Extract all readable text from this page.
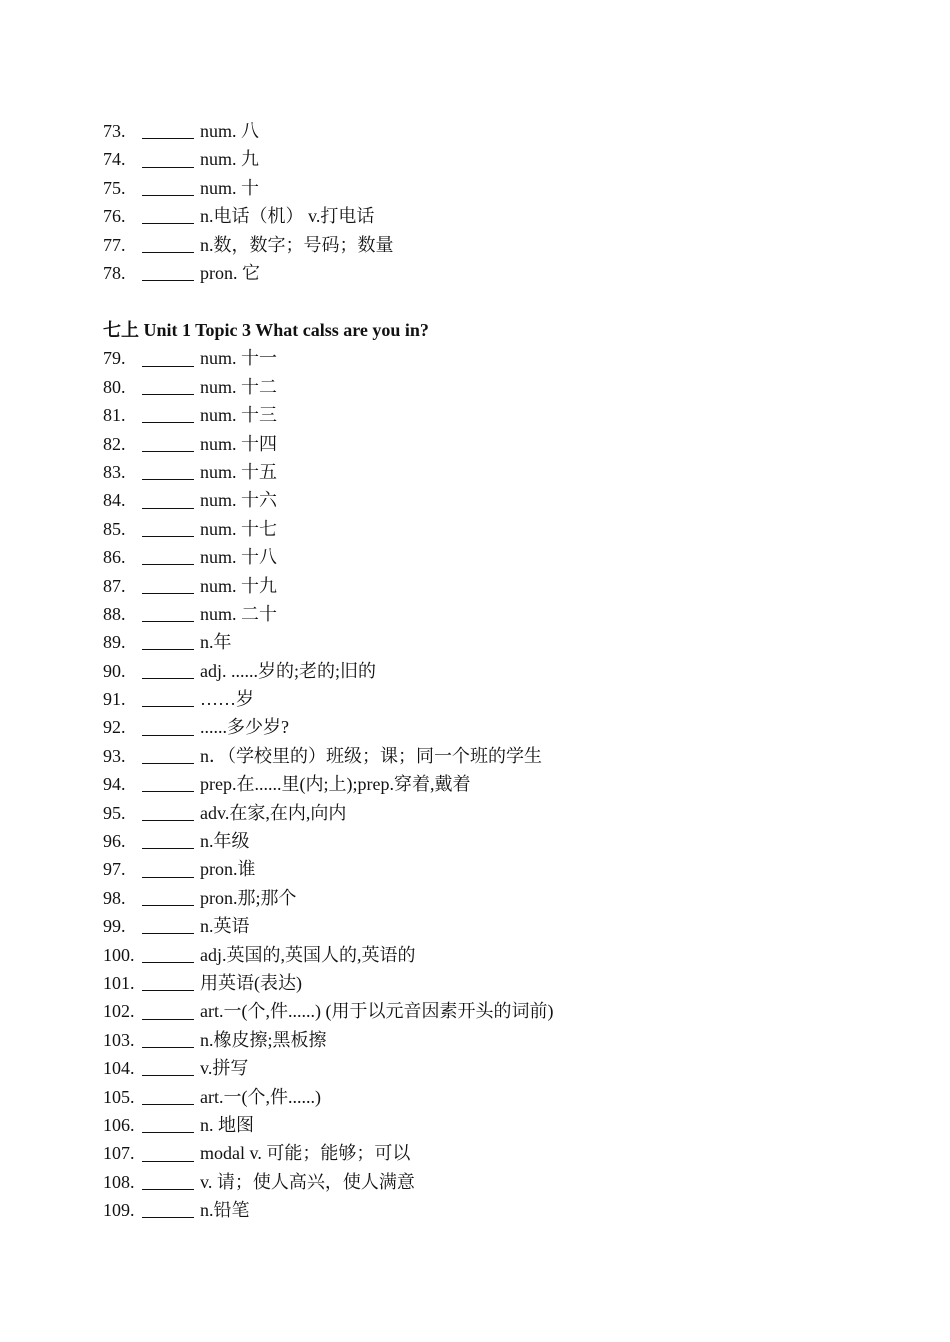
73.	num. 八
74.	num. 九
75.	num. 十
76.	n.电话（机） v.打电话
77.	n.数，数字；号码；数量
78.	pron. 它
七上 Unit 1 Topic 3 What calss are you in?
79.	num. 十一
80.	num. 十二
81.	num. 十三
82.	num. 十四
83.	num. 十五
84.	num. 十六
85.	num. 十七
86.	num. 十八
87.	num. 十九
88.	num. 二十
89.	n.年
90.	adj. ......岁的;老的;旧的
91.	……岁
92.	......多少岁?
93.	n．（学校里的）班级；课；同一个班的学生
94.	prep.在......里(内;上);prep.穿着,戴着
95.	adv.在家,在内,向内
96.	n.年级
97.	pron.谁
98.	pron.那;那个
99.	n.英语
100.	adj.英国的,英国人的,英语的
101.	用英语(表达)
102.	art.一(个,件......) (用于以元音因素开头的词前)
103.	n.橡皮擦;黑板擦
104.	v.拼写
105.	art.一(个,件......)
106.	n. 地图
107.	modal v. 可能；能够；可以
108.	v. 请；使人高兴，使人满意
109.	n.铅笔
